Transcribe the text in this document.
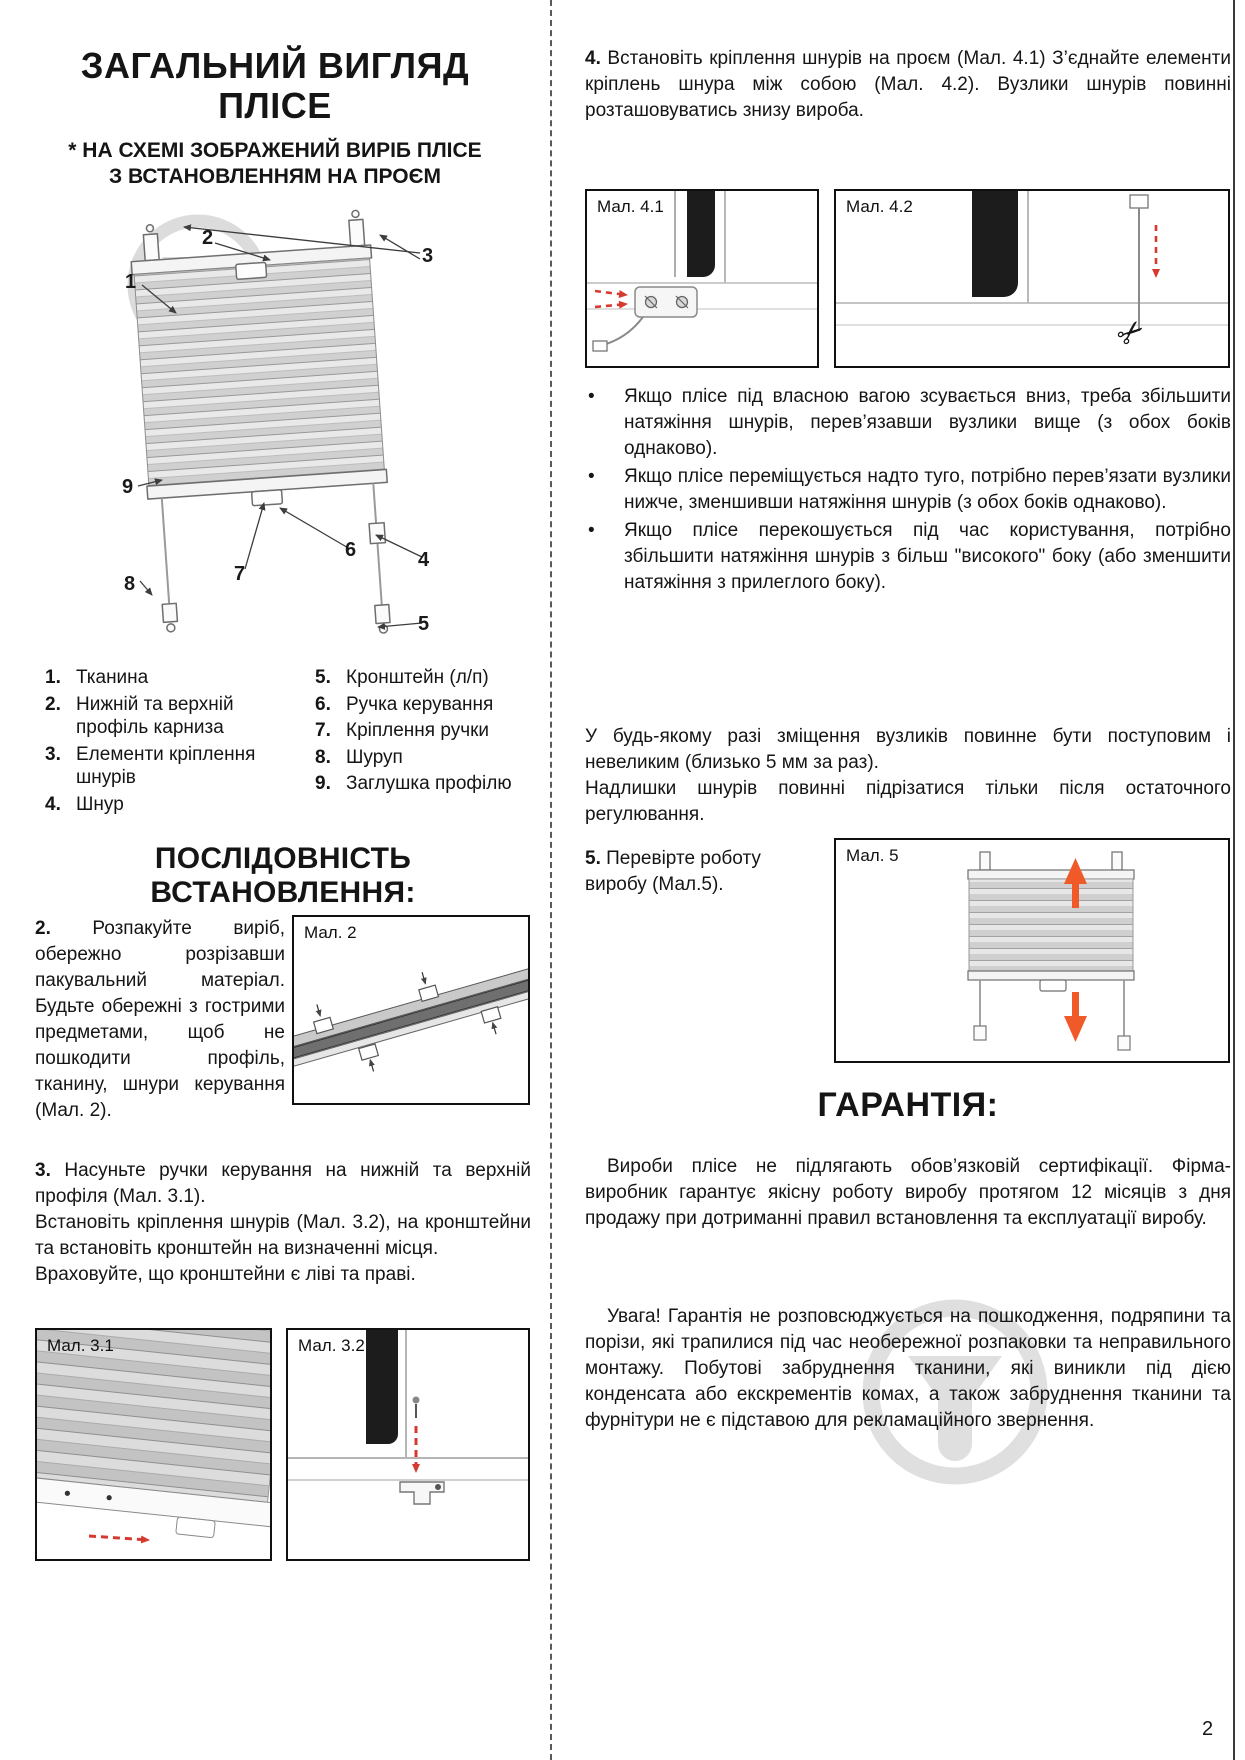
2
ЗАГАЛЬНИЙ ВИГЛЯД
ПЛІСЕ
* НА СХЕМІ ЗОБРАЖЕНИЙ ВИРІБ ПЛІСЕ
З ВСТАНОВЛЕННЯМ НА ПРОЄМ
1
2
3
4
5
6
7
8
9
1. Тканина
2. Нижній та верхній профіль карниза
3. Елементи кріплення шнурів
4. Шнур
5. Кронштейн (л/п)
6. Ручка керування
7. Кріплення ручки
8. Шуруп
9. Заглушка профілю
ПОСЛІДОВНІСТЬ ВСТАНОВЛЕННЯ:
2. Розпакуйте виріб, обережно розрізавши пакувальний матеріал. Будьте обережні з гострими предметами, щоб не пошкодити профіль, тканину, шнури керування (Мал. 2).
Мал. 2
3. Насуньте ручки керування на нижній та верхній профіля (Мал. 3.1).
Встановіть кріплення шнурів (Мал. 3.2), на кронштейни та встановіть кронштейн на визначенні місця.
Враховуйте, що кронштейни є ліві та праві.
Мал. 3.1	Мал. 3.2
4. Встановіть кріплення шнурів на проєм (Мал. 4.1) З’єднайте елементи кріплень шнура між собою (Мал. 4.2). Вузлики шнурів повинні розташовуватись знизу вироба.
Мал. 4.1	Мал. 4.2
✂
•	Якщо плісе під власною вагою зсувається вниз, треба збільшити натяжіння шнурів, перев’язавши вузлики вище (з обох боків однаково).
•	Якщо плісе переміщується надто туго, потрібно перев’язати вузлики нижче, зменшивши натяжіння шнурів (з обох боків однаково).
•	Якщо плісе перекошується під час користування, потрібно збільшити натяжіння шнурів з більш "високого" боку (або зменшити натяжіння з прилеглого боку).
У будь-якому разі зміщення вузликів повинне бути поступовим і невеликим (близько 5 мм за раз).
Надлишки шнурів повинні підрізатися тільки після остаточного регулювання.
5. Перевірте роботу виробу (Мал.5).
Мал. 5
ГАРАНТІЯ:
Вироби плісе не підлягають обов’язковій сертифікації. Фірма-виробник гарантує якісну роботу виробу протягом 12 місяців з дня продажу при дотриманні правил встановлення та експлуатації виробу.
Увага! Гарантія не розповсюджується на пошкодження, подряпини та порізи, які трапилися під час необережної розпаковки та неправильного монтажу. Побутові забруднення тканини, які виникли під дією конденсата або екскрементів комах, а також забруднення тканини та фурнітури не є підставою для рекламаційного звернення.
